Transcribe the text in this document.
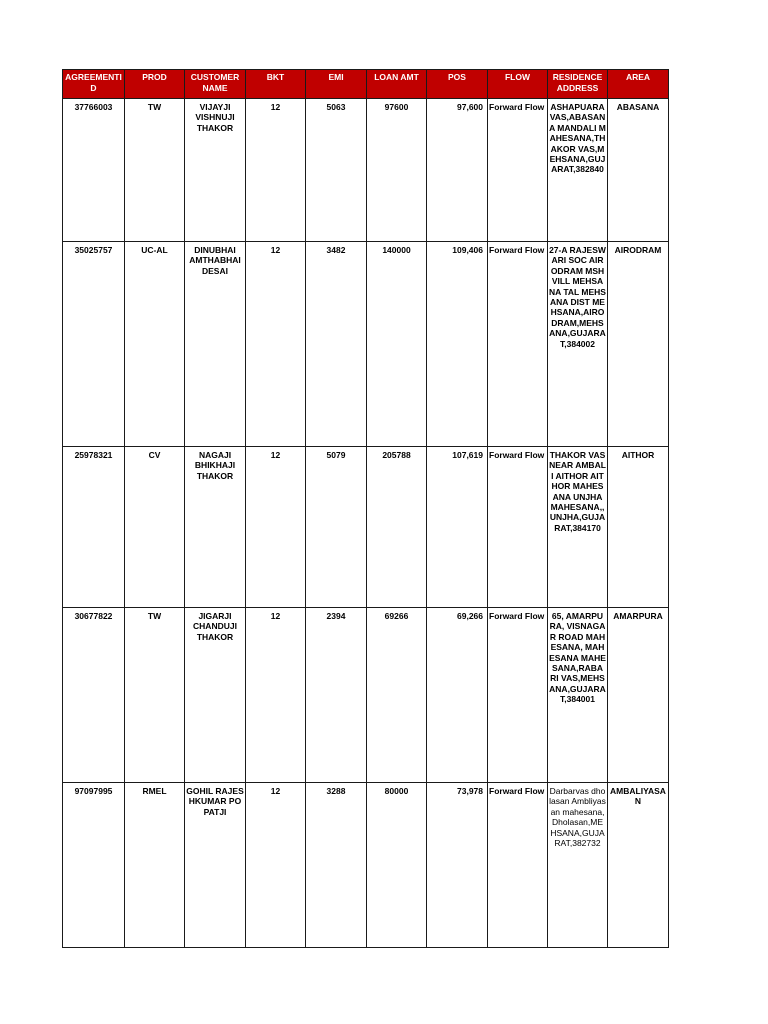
AGREEMENTID	PROD	CUSTOMER NAME	BKT	EMI	LOAN AMT	POS	FLOW	RESIDENCE ADDRESS	AREA
37766003	TW	VIJAYJI VISHNUJI THAKOR	12	5063	97600	97,600	Forward Flow	ASHAPUARA VAS,ABASANA MANDALI MAHESANA,THAKOR VAS,MEHSANA,GUJARAT,382840	ABASANA
35025757	UC-AL	DINUBHAI AMTHABHAI DESAI	12	3482	140000	109,406	Forward Flow	27-A RAJESWARI SOC AIRODRAM MSH VILL MEHSANA TAL MEHSANA DIST MEHSANA,AIRODRAM,MEHSANA,GUJARAT,384002	AIRODRAM
25978321	CV	NAGAJI BHIKHAJI THAKOR	12	5079	205788	107,619	Forward Flow	THAKOR VAS NEAR AMBALI AITHOR AITHOR MAHESANA UNJHA MAHESANA,,UNJHA,GUJARAT,384170	AITHOR
30677822	TW	JIGARJI CHANDUJI THAKOR	12	2394	69266	69,266	Forward Flow	65, AMARPURA, VISNAGAR ROAD MAHESANA, MAHESANA MAHESANA,RABARI VAS,MEHSANA,GUJARAT,384001	AMARPURA
97097995	RMEL	GOHIL RAJESHKUMAR POPATJI	12	3288	80000	73,978	Forward Flow	Darbarvas dholasan Ambliyasan mahesana,Dholasan,MEHSANA,GUJARAT,382732	AMBALIYASAN
